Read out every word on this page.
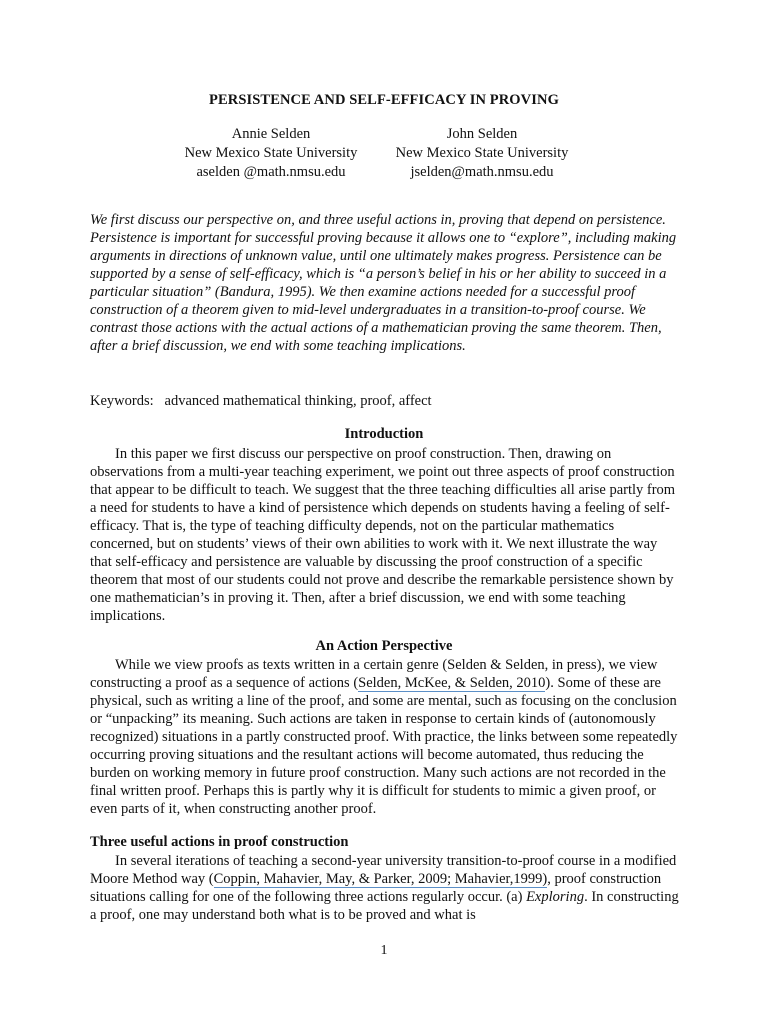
PERSISTENCE AND SELF-EFFICACY IN PROVING
Annie Selden
New Mexico State University
aselden @math.nmsu.edu
John Selden
New Mexico State University
jselden@math.nmsu.edu
We first discuss our perspective on, and three useful actions in, proving that depend on persistence. Persistence is important for successful proving because it allows one to “explore”, including making arguments in directions of unknown value, until one ultimately makes progress. Persistence can be supported by a sense of self-efficacy, which is “a person’s belief in his or her ability to succeed in a particular situation” (Bandura, 1995). We then examine actions needed for a successful proof construction of a theorem given to mid-level undergraduates in a transition-to-proof course. We contrast those actions with the actual actions of a mathematician proving the same theorem. Then, after a brief discussion, we end with some teaching implications.
Keywords: advanced mathematical thinking, proof, affect
Introduction
In this paper we first discuss our perspective on proof construction. Then, drawing on observations from a multi-year teaching experiment, we point out three aspects of proof construction that appear to be difficult to teach. We suggest that the three teaching difficulties all arise partly from a need for students to have a kind of persistence which depends on students having a feeling of self-efficacy. That is, the type of teaching difficulty depends, not on the particular mathematics concerned, but on students’ views of their own abilities to work with it. We next illustrate the way that self-efficacy and persistence are valuable by discussing the proof construction of a specific theorem that most of our students could not prove and describe the remarkable persistence shown by one mathematician’s in proving it. Then, after a brief discussion, we end with some teaching implications.
An Action Perspective
While we view proofs as texts written in a certain genre (Selden & Selden, in press), we view constructing a proof as a sequence of actions (Selden, McKee, & Selden, 2010). Some of these are physical, such as writing a line of the proof, and some are mental, such as focusing on the conclusion or “unpacking” its meaning. Such actions are taken in response to certain kinds of (autonomously recognized) situations in a partly constructed proof. With practice, the links between some repeatedly occurring proving situations and the resultant actions will become automated, thus reducing the burden on working memory in future proof construction. Many such actions are not recorded in the final written proof. Perhaps this is partly why it is difficult for students to mimic a given proof, or even parts of it, when constructing another proof.
Three useful actions in proof construction
In several iterations of teaching a second-year university transition-to-proof course in a modified Moore Method way (Coppin, Mahavier, May, & Parker, 2009; Mahavier,1999), proof construction situations calling for one of the following three actions regularly occur. (a) Exploring. In constructing a proof, one may understand both what is to be proved and what is
1
